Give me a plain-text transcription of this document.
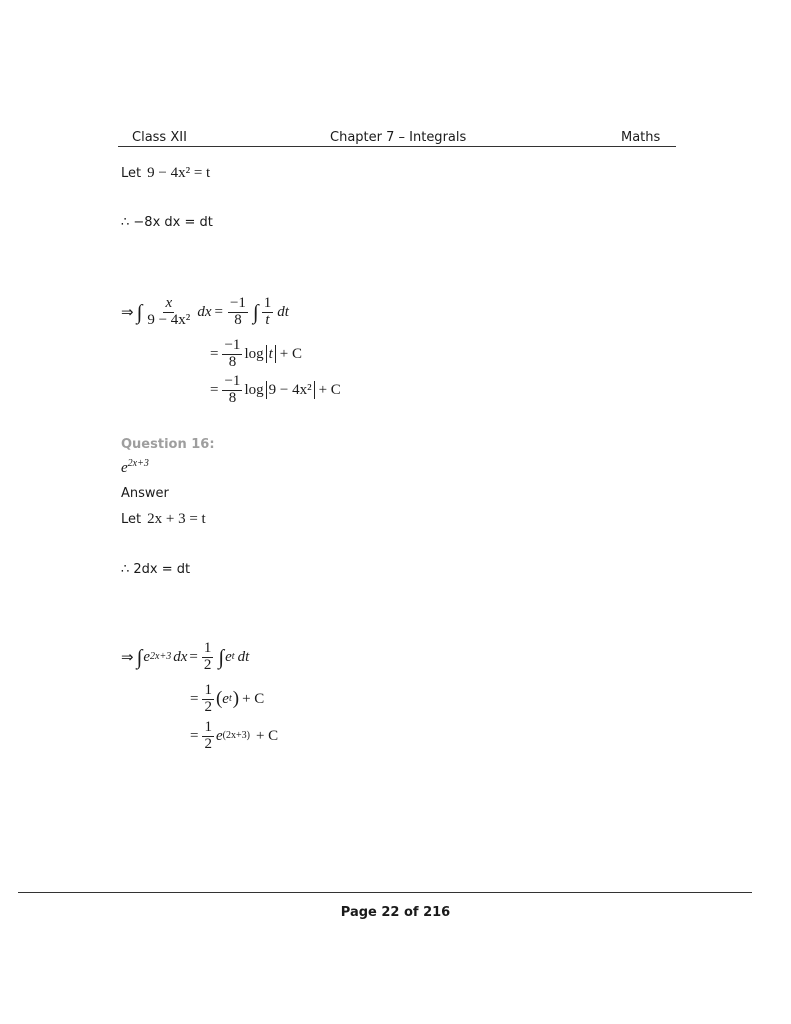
Class XII	Chapter 7 – Integrals	Maths
Let 9 − 4x² = t
∴ −8x dx = dt
⇒ ∫ $\frac{x}{\text{9 − 4x²}}$ dx = $\frac{-1}{8}$ ∫ $\frac{1}{t}$ dt
= $\frac{-1}{8}$ log t + C
= $\frac{-1}{8}$ log 9 − 4x² + C
Question 16:
$e^{2x+3}$
Answer
Let 2x + 3 = t
∴ 2dx = dt
⇒ ∫ e 2x+3 dx = $\frac{1}{2}$ ∫ e t dt
= $\frac{1}{2}$ ( e t ) + C
= $\frac{1}{2}$ e (2x+3) + C
Page 22 of 216
